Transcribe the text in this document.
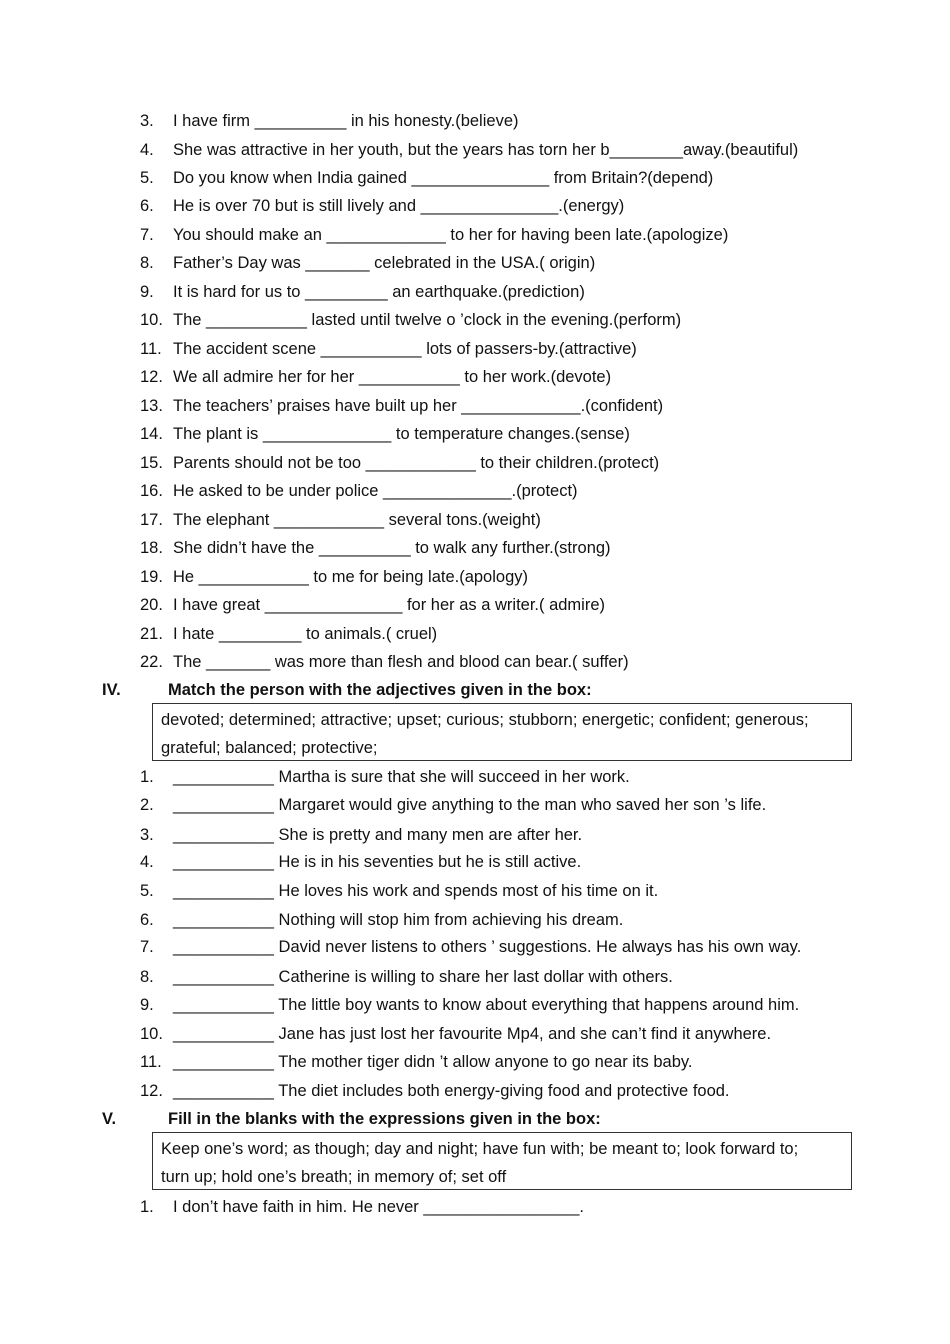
3. I have firm __________ in his honesty.(believe)
4. She was attractive in her youth, but the years has torn her b________away.(beautiful)
5. Do you know when India gained _______________ from Britain?(depend)
6. He is over 70 but is still lively and _______________.(energy)
7. You should make an _____________ to her for having been late.(apologize)
8. Father’s Day was _______ celebrated in the USA.( origin)
9. It is hard for us to _________ an earthquake.(prediction)
10. The ___________ lasted until twelve o ’clock in the evening.(perform)
11. The accident scene ___________ lots of passers-by.(attractive)
12. We all admire her for her ___________ to her work.(devote)
13. The teachers’ praises have built up her _____________.(confident)
14. The plant is ______________ to temperature changes.(sense)
15. Parents should not be too ____________ to their children.(protect)
16. He asked to be under police ______________.(protect)
17. The elephant ____________ several tons.(weight)
18. She didn’t have the __________ to walk any further.(strong)
19. He ____________ to me for being late.(apology)
20. I have great _______________ for her as a writer.( admire)
21. I hate _________ to animals.( cruel)
22. The _______ was more than flesh and blood can bear.( suffer)
IV.	Match the person with the adjectives given in the box:
devoted; determined; attractive; upset; curious; stubborn; energetic; confident; generous;
grateful; balanced; protective;
1. ___________ Martha is sure that she will succeed in her work.
2. ___________ Margaret would give anything to the man who saved her son ’s life.
3. ___________ She is pretty and many men are after her.
4. ___________ He is in his seventies but he is still active.
5. ___________ He loves his work and spends most of his time on it.
6. ___________ Nothing will stop him from achieving his dream.
7. ___________ David never listens to others ’ suggestions. He always has his own way.
8. ___________ Catherine is willing to share her last dollar with others.
9. ___________ The little boy wants to know about everything that happens around him.
10. ___________ Jane has just lost her favourite Mp4, and she can’t find it anywhere.
11. ___________ The mother tiger didn ’t allow anyone to go near its baby.
12. ___________ The diet includes both energy-giving food and protective food.
V.	Fill in the blanks with the expressions given in the box:
Keep one’s word; as though; day and night; have fun with; be meant to; look forward to;
turn up; hold one’s breath; in memory of; set off
1. I don’t have faith in him. He never _________________.
